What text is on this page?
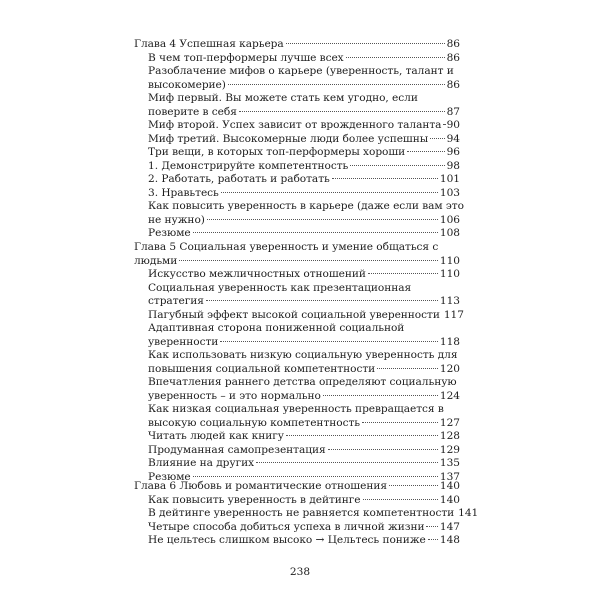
Глава 4 Успешная карьера	86
В чем топ-перформеры лучше всех	86
Разоблачение мифов о карьере (уверенность, талант и
высокомерие)	86
Миф первый. Вы можете стать кем угодно, если
поверите в себя	87
Миф второй. Успех зависит от врожденного таланта 90
Миф третий. Высокомерные люди более успешны 94
Три вещи, в которых топ-перформеры хороши	96
1. Демонстрируйте компетентность	98
2. Работать, работать и работать	101
3. Нравьтесь	103
Как повысить уверенность в карьере (даже если вам это
не нужно)	106
Резюме	108
Глава 5 Социальная уверенность и умение общаться с
людьми	110
Искусство межличностных отношений	110
Социальная уверенность как презентационная
стратегия	113
Пагубный эффект высокой социальной уверенности 117
Адаптивная сторона пониженной социальной
уверенности	118
Как использовать низкую социальную уверенность для
повышения социальной компетентности	120
Впечатления раннего детства определяют социальную
уверенность – и это нормально	124
Как низкая социальная уверенность превращается в
высокую социальную компетентность	127
Читать людей как книгу	128
Продуманная самопрезентация	129
Влияние на других	135
Резюме	137
Глава 6 Любовь и романтические отношения	140
Как повысить уверенность в дейтинге	140
В дейтинге уверенность не равняется компетентности 141
Четыре способа добиться успеха в личной жизни 147
Не цельтесь слишком высоко → Цельтесь пониже 148
238
